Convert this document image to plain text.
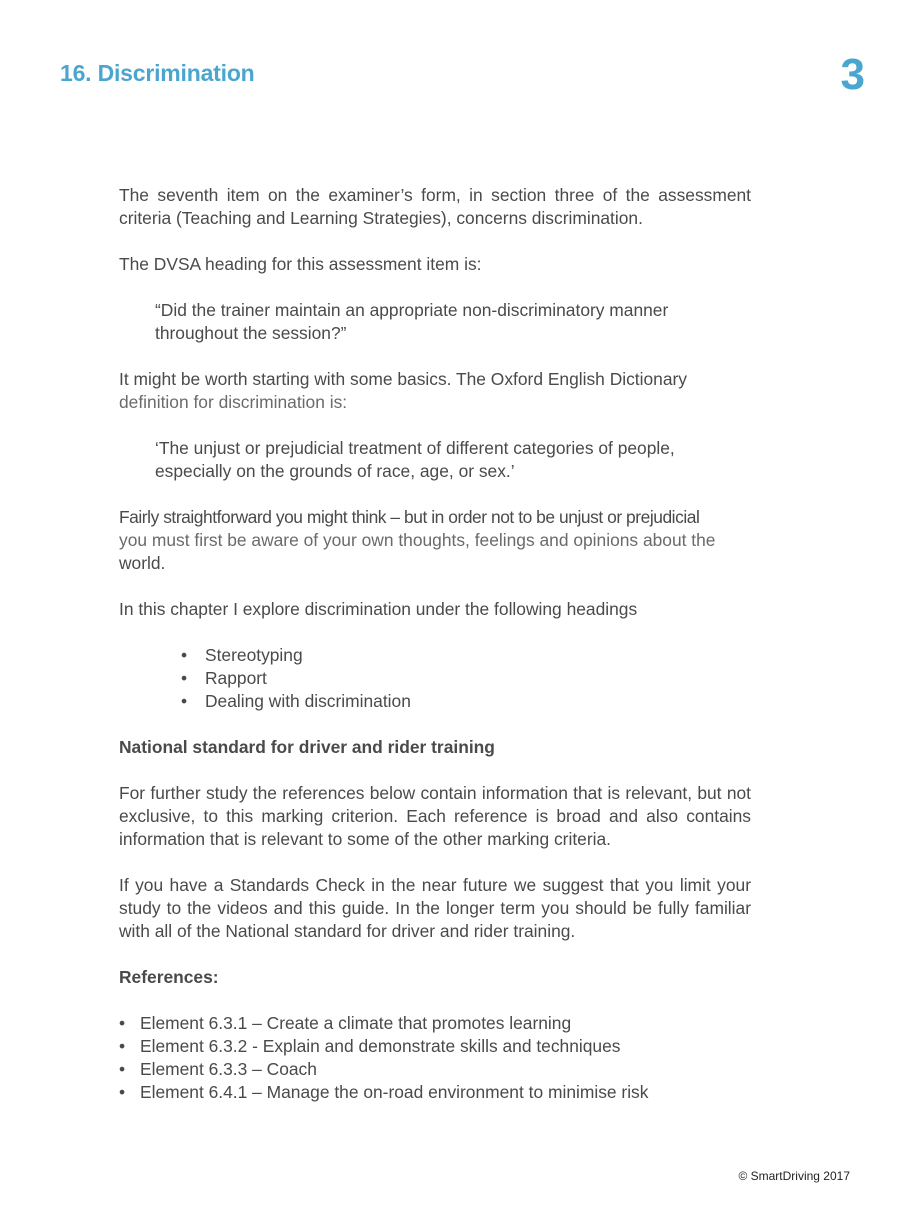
16. Discrimination	3

The seventh item on the examiner’s form, in section three of the assessment criteria (Teaching and Learning Strategies), concerns discrimination.

The DVSA heading for this assessment item is:

“Did the trainer maintain an appropriate non-discriminatory manner throughout the session?”

It might be worth starting with some basics. The Oxford English Dictionary
definition for discrimination is:

‘The unjust or prejudicial treatment of different categories of people, especially on the grounds of race, age, or sex.’

Fairly straightforward you might think – but in order not to be unjust or prejudicial
you must first be aware of your own thoughts, feelings and opinions about the
world.

In this chapter I explore discrimination under the following headings

• Stereotyping
• Rapport
• Dealing with discrimination

National standard for driver and rider training

For further study the references below contain information that is relevant, but not exclusive, to this marking criterion. Each reference is broad and also contains information that is relevant to some of the other marking criteria.

If you have a Standards Check in the near future we suggest that you limit your study to the videos and this guide. In the longer term you should be fully familiar with all of the National standard for driver and rider training.

References:

• Element 6.3.1 – Create a climate that promotes learning
• Element 6.3.2 - Explain and demonstrate skills and techniques
• Element 6.3.3 – Coach
• Element 6.4.1 – Manage the on-road environment to minimise risk
© SmartDriving 2017
